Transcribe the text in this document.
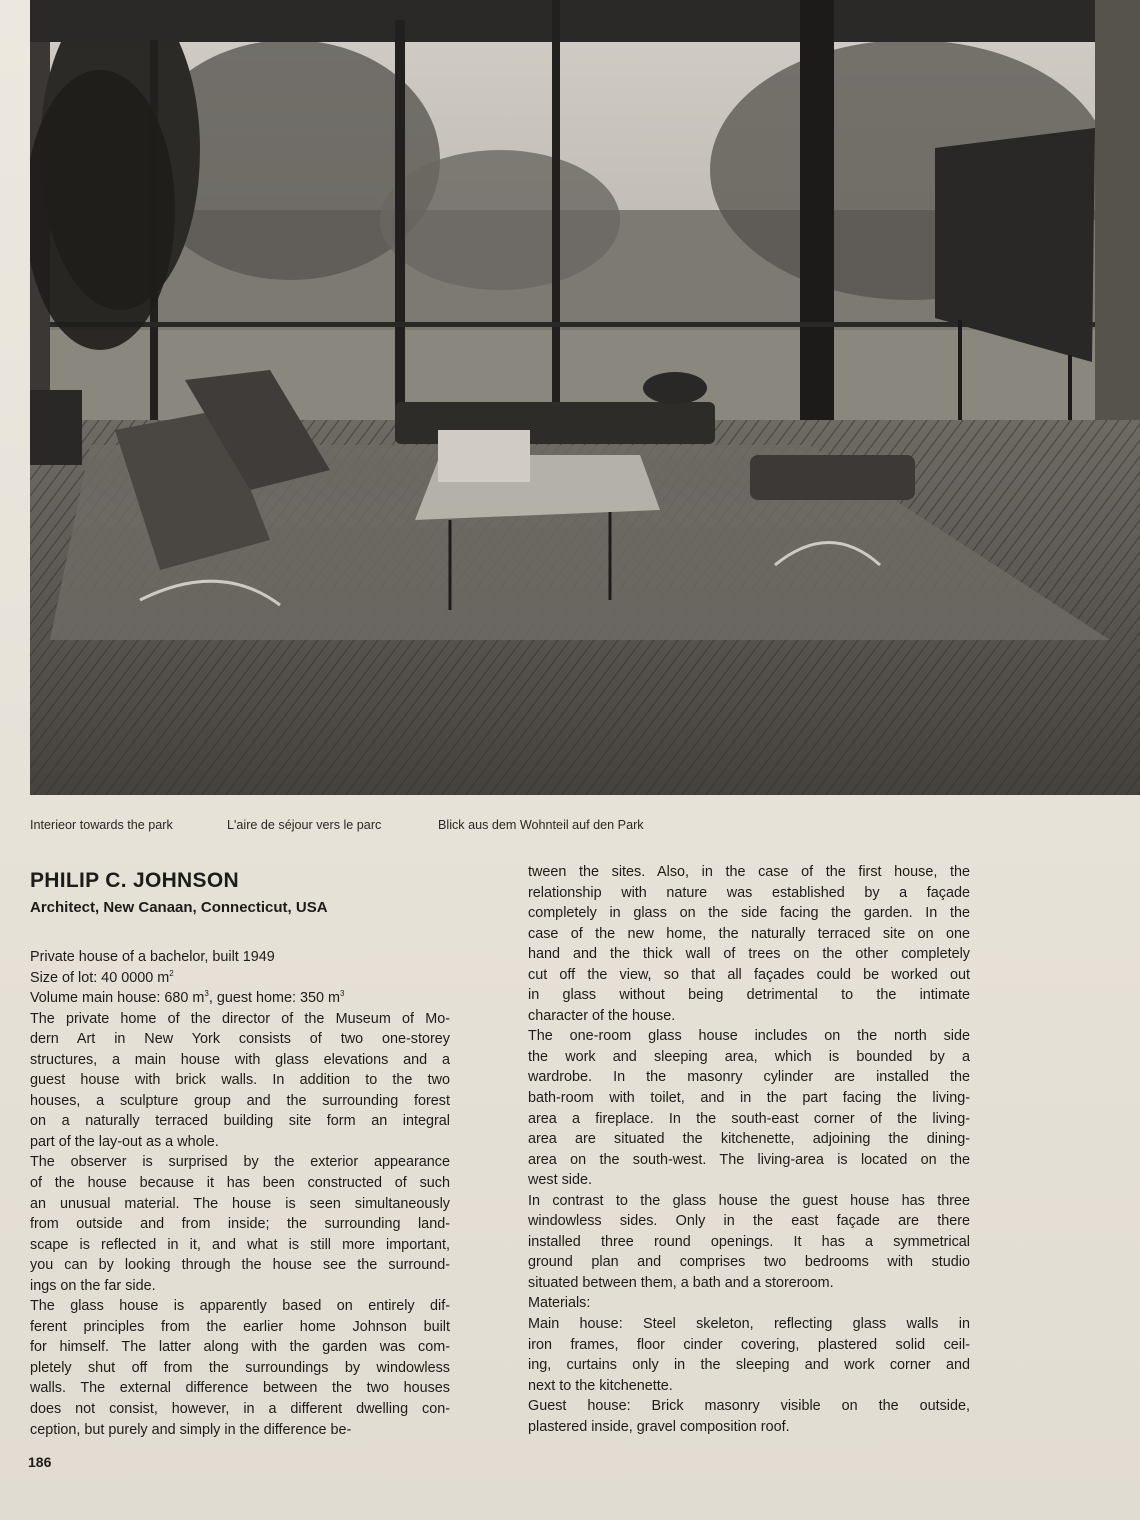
Interieor towards the park	L'aire de séjour vers le parc	Blick aus dem Wohnteil auf den Park
PHILIP C. JOHNSON
Architect, New Canaan, Connecticut, USA
Private house of a bachelor, built 1949
Size of lot: 40 0000 $m^2$
Volume main house: 680 $m^3$, guest home: 350 $m^3$
The private home of the director of the Museum of Mo-
dern Art in New York consists of two one-storey
structures, a main house with glass elevations and a
guest house with brick walls. In addition to the two
houses, a sculpture group and the surrounding forest
on a naturally terraced building site form an integral
part of the lay-out as a whole.
The observer is surprised by the exterior appearance
of the house because it has been constructed of such
an unusual material. The house is seen simultaneously
from outside and from inside; the surrounding land-
scape is reflected in it, and what is still more important,
you can by looking through the house see the surround-
ings on the far side.
The glass house is apparently based on entirely dif-
ferent principles from the earlier home Johnson built
for himself. The latter along with the garden was com-
pletely shut off from the surroundings by windowless
walls. The external difference between the two houses
does not consist, however, in a different dwelling con-
ception, but purely and simply in the difference be-
tween the sites. Also, in the case of the first house, the
relationship with nature was established by a façade
completely in glass on the side facing the garden. In the
case of the new home, the naturally terraced site on one
hand and the thick wall of trees on the other completely
cut off the view, so that all façades could be worked out
in glass without being detrimental to the intimate
character of the house.
The one-room glass house includes on the north side
the work and sleeping area, which is bounded by a
wardrobe. In the masonry cylinder are installed the
bath-room with toilet, and in the part facing the living-
area a fireplace. In the south-east corner of the living-
area are situated the kitchenette, adjoining the dining-
area on the south-west. The living-area is located on the
west side.
In contrast to the glass house the guest house has three
windowless sides. Only in the east façade are there
installed three round openings. It has a symmetrical
ground plan and comprises two bedrooms with studio
situated between them, a bath and a storeroom.
Materials:
Main house: Steel skeleton, reflecting glass walls in
iron frames, floor cinder covering, plastered solid ceil-
ing, curtains only in the sleeping and work corner and
next to the kitchenette.
Guest house: Brick masonry visible on the outside,
plastered inside, gravel composition roof.
186
